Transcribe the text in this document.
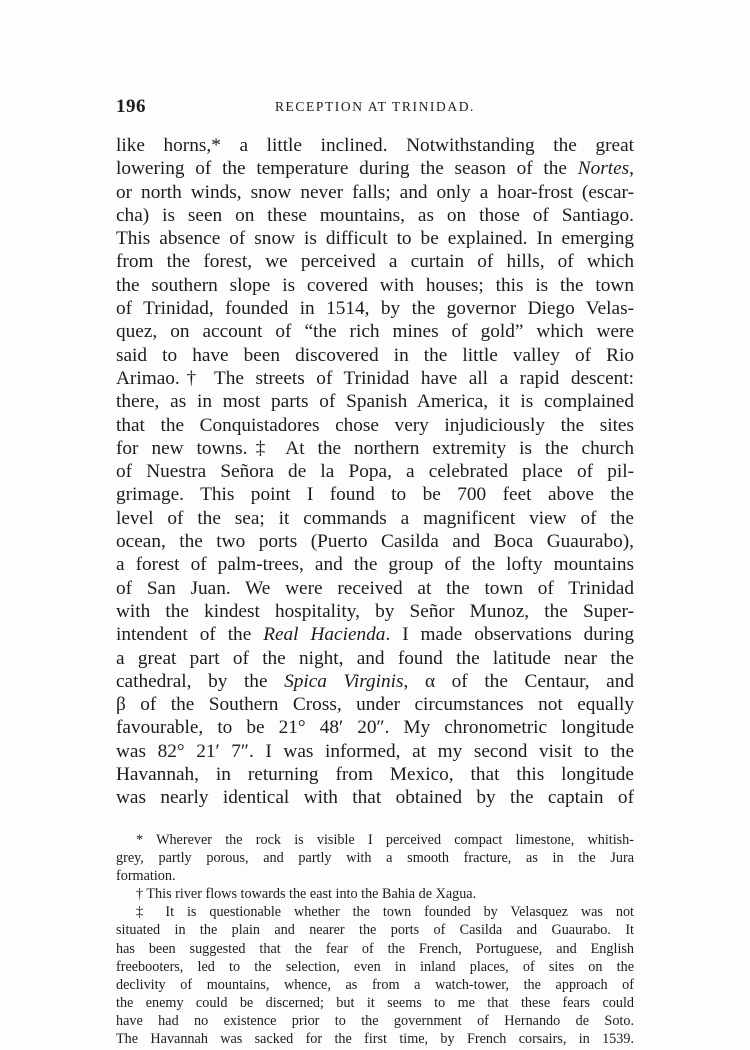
196	RECEPTION AT TRINIDAD.
like horns,* a little inclined. Notwithstanding the great
lowering of the temperature during the season of the Nortes,
or north winds, snow never falls; and only a hoar-frost (escar-
cha) is seen on these mountains, as on those of Santiago.
This absence of snow is difficult to be explained. In emerging
from the forest, we perceived a curtain of hills, of which
the southern slope is covered with houses; this is the town
of Trinidad, founded in 1514, by the governor Diego Velas-
quez, on account of “the rich mines of gold” which were
said to have been discovered in the little valley of Rio
Arimao.† The streets of Trinidad have all a rapid descent:
there, as in most parts of Spanish America, it is complained
that the Conquistadores chose very injudiciously the sites
for new towns.‡ At the northern extremity is the church
of Nuestra Señora de la Popa, a celebrated place of pil-
grimage. This point I found to be 700 feet above the
level of the sea; it commands a magnificent view of the
ocean, the two ports (Puerto Casilda and Boca Guaurabo),
a forest of palm-trees, and the group of the lofty mountains
of San Juan. We were received at the town of Trinidad
with the kindest hospitality, by Señor Munoz, the Super-
intendent of the Real Hacienda. I made observations during
a great part of the night, and found the latitude near the
cathedral, by the Spica Virginis, α of the Centaur, and
β of the Southern Cross, under circumstances not equally
favourable, to be 21° 48′ 20″. My chronometric longitude
was 82° 21′ 7″. I was informed, at my second visit to the
Havannah, in returning from Mexico, that this longitude
was nearly identical with that obtained by the captain of
* Wherever the rock is visible I perceived compact limestone, whitish-
grey, partly porous, and partly with a smooth fracture, as in the Jura
formation.
† This river flows towards the east into the Bahia de Xagua.
‡ It is questionable whether the town founded by Velasquez was not
situated in the plain and nearer the ports of Casilda and Guaurabo. It
has been suggested that the fear of the French, Portuguese, and English
freebooters, led to the selection, even in inland places, of sites on the
declivity of mountains, whence, as from a watch-tower, the approach of
the enemy could be discerned; but it seems to me that these fears could
have had no existence prior to the government of Hernando de Soto.
The Havannah was sacked for the first time, by French corsairs, in 1539.
